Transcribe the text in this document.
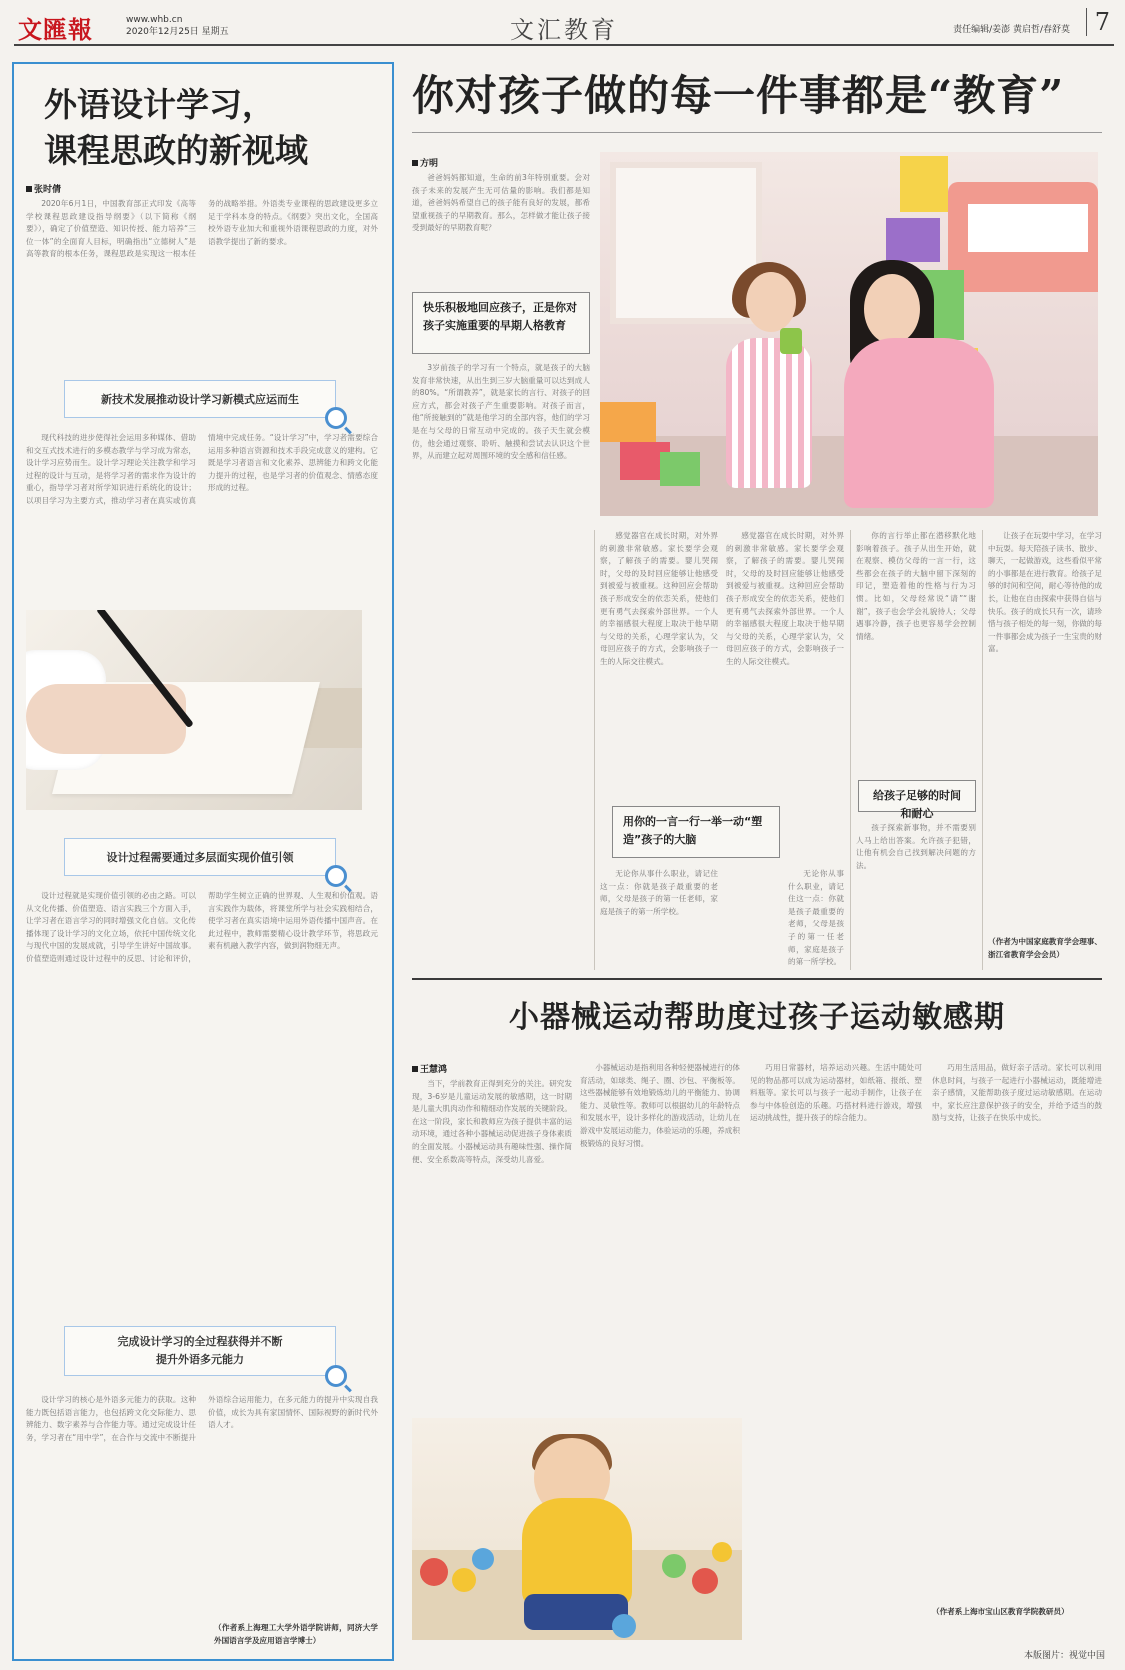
文匯報	www.whb.cn
2020年12月25日 星期五	文汇教育	责任编辑/姜澎 黄启哲/春舒莫	7
外语设计学习，
课程思政的新视域
张时倩

2020年6月1日，中国教育部正式印发《高等学校课程思政建设指导纲要》（以下简称《纲要》），确定了价值塑造、知识传授、能力培养“三位一体”的全面育人目标，明确指出“立德树人”是高等教育的根本任务，课程思政是实现这一根本任务的战略举措。外语类专业课程的思政建设更多立足于学科本身的特点。《纲要》突出文化，全国高校外语专业加大和重视外语课程思政的力度，对外语教学提出了新的要求。

新技术发展推动设计学习新模式应运而生

现代科技的进步使得社会运用多种媒体、借助和交互式技术进行的多模态教学与学习成为常态，设计学习应势而生。设计学习理论关注教学和学习过程的设计与互动，是将学习者的需求作为设计的重心，指导学习者对所学知识进行系统化的设计；以项目学习为主要方式，推动学习者在真实或仿真情境中完成任务。“设计学习”中，学习者需要综合运用多种语言资源和技术手段完成意义的建构。它既是学习者语言和文化素养、思辨能力和跨文化能力提升的过程，也是学习者的价值观念、情感态度形成的过程。

设计过程需要通过多层面实现价值引领

设计过程就是实现价值引领的必由之路。可以从文化传播、价值塑造、语言实践三个方面入手，让学习者在语言学习的同时增强文化自信。文化传播体现了设计学习的文化立场，依托中国传统文化与现代中国的发展成就，引导学生讲好中国故事。价值塑造则通过设计过程中的反思、讨论和评价，帮助学生树立正确的世界观、人生观和价值观。语言实践作为载体，将课堂所学与社会实践相结合，使学习者在真实语境中运用外语传播中国声音。在此过程中，教师需要精心设计教学环节，将思政元素有机融入教学内容，做到润物细无声。

完成设计学习的全过程获得并不断
提升外语多元能力

设计学习的核心是外语多元能力的获取。这种能力既包括语言能力，也包括跨文化交际能力、思辨能力、数字素养与合作能力等。通过完成设计任务，学习者在“用中学”，在合作与交流中不断提升外语综合运用能力，在多元能力的提升中实现自我价值，成长为具有家国情怀、国际视野的新时代外语人才。

（作者系上海理工大学外语学院讲师，同济大学外国语言学及应用语言学博士）
你对孩子做的每一件事都是“教育”
方明

爸爸妈妈都知道，生命的前3年特别重要。会对孩子未来的发展产生无可估量的影响。我们都是知道，爸爸妈妈希望自己的孩子能有良好的发展，都希望重视孩子的早期教育。那么，怎样做才能让孩子接受到最好的早期教育呢？

快乐积极地回应孩子，正是你对孩子实施重要的早期人格教育

3岁前孩子的学习有一个特点，就是孩子的大脑发育非常快速，从出生到三岁大脑重量可以达到成人的80%。“所谓教养”，就是家长的言行、对孩子的回应方式，都会对孩子产生重要影响。对孩子而言，他“所接触到的”就是他学习的全部内容，他们的学习是在与父母的日常互动中完成的。孩子天生就会模仿，他会通过观察、聆听、触摸和尝试去认识这个世界，从而建立起对周围环境的安全感和信任感。

感觉器官在成长时期，对外界的刺激非常敏感。家长要学会观察，了解孩子的需要。婴儿哭闹时，父母的及时回应能够让他感受到被爱与被重视。这种回应会帮助孩子形成安全的依恋关系，使他们更有勇气去探索外部世界。一个人的幸福感很大程度上取决于他早期与父母的关系，心理学家认为，父母回应孩子的方式，会影响孩子一生的人际交往模式。

用你的一言一行一举一动“塑造”孩子的大脑

无论你从事什么职业，请记住这一点：你就是孩子最重要的老师，父母是孩子的第一任老师，家庭是孩子的第一所学校。

感觉器官在成长时期，对外界的刺激非常敏感。家长要学会观察，了解孩子的需要。婴儿哭闹时，父母的及时回应能够让他感受到被爱与被重视。这种回应会帮助孩子形成安全的依恋关系，使他们更有勇气去探索外部世界。一个人的幸福感很大程度上取决于他早期与父母的关系，心理学家认为，父母回应孩子的方式，会影响孩子一生的人际交往模式。

无论你从事什么职业，请记住这一点：你就是孩子最重要的老师，父母是孩子的第一任老师，家庭是孩子的第一所学校。

你的言行举止都在潜移默化地影响着孩子。孩子从出生开始，就在观察、模仿父母的一言一行，这些都会在孩子的大脑中留下深刻的印记，塑造着他的性格与行为习惯。比如，父母经常说“请”“谢谢”，孩子也会学会礼貌待人；父母遇事冷静，孩子也更容易学会控制情绪。

给孩子足够的时间和耐心

孩子探索新事物，并不需要别人马上给出答案。允许孩子犯错，让他有机会自己找到解决问题的方法。

让孩子在玩耍中学习，在学习中玩耍。每天陪孩子读书、散步、聊天，一起做游戏，这些看似平常的小事都是在进行教育。给孩子足够的时间和空间，耐心等待他的成长，让他在自由探索中获得自信与快乐。孩子的成长只有一次，请珍惜与孩子相处的每一刻，你做的每一件事都会成为孩子一生宝贵的财富。

（作者为中国家庭教育学会理事、浙江省教育学会会员）
小器械运动帮助度过孩子运动敏感期
王慧鸿

当下，学前教育正得到充分的关注。研究发现，3-6岁是儿童运动发展的敏感期，这一时期是儿童大肌肉动作和精细动作发展的关键阶段。在这一阶段，家长和教师应为孩子提供丰富的运动环境，通过各种小器械运动促进孩子身体素质的全面发展。小器械运动具有趣味性强、操作简便、安全系数高等特点，深受幼儿喜爱。

小器械运动是指利用各种轻便器械进行的体育活动，如球类、绳子、圈、沙包、平衡板等。这些器械能够有效地锻炼幼儿的平衡能力、协调能力、灵敏性等。教师可以根据幼儿的年龄特点和发展水平，设计多样化的游戏活动，让幼儿在游戏中发展运动能力，体验运动的乐趣，养成积极锻炼的良好习惯。

巧用日常器材，培养运动兴趣。生活中随处可见的物品都可以成为运动器材，如纸箱、报纸、塑料瓶等。家长可以与孩子一起动手制作，让孩子在参与中体验创造的乐趣。巧搭材料进行游戏，增强运动挑战性，提升孩子的综合能力。

巧用生活用品，做好亲子活动。家长可以利用休息时间，与孩子一起进行小器械运动，既能增进亲子感情，又能帮助孩子度过运动敏感期。在运动中，家长应注意保护孩子的安全，并给予适当的鼓励与支持，让孩子在快乐中成长。

（作者系上海市宝山区教育学院教研员）
本版图片：视觉中国
